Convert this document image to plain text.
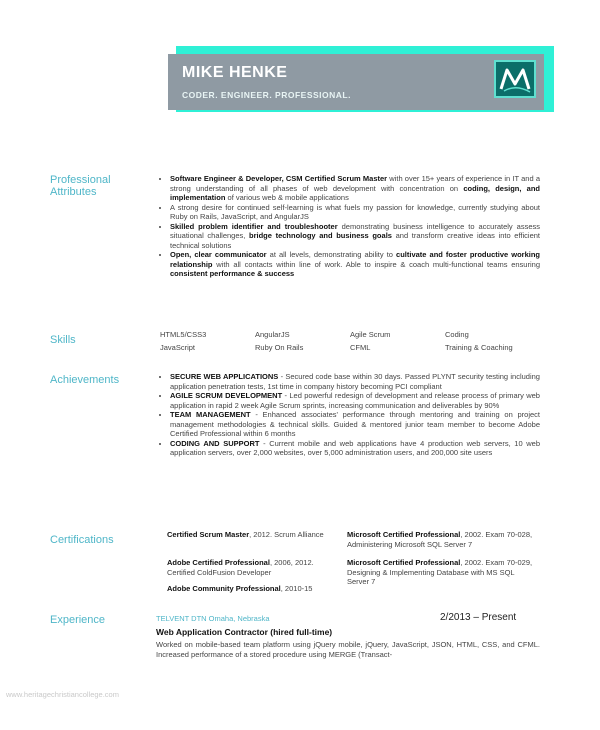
MIKE HENKE
CODER. ENGINEER. PROFESSIONAL.
Professional
Attributes
• Software Engineer & Developer, CSM Certified Scrum Master with over 15+ years of experience in IT and a strong understanding of all phases of web development with concentration on coding, design, and implementation of various web & mobile applications
• A strong desire for continued self-learning is what fuels my passion for knowledge, currently studying about Ruby on Rails, JavaScript, and AngularJS
• Skilled problem identifier and troubleshooter demonstrating business intelligence to accurately assess situational challenges, bridge technology and business goals and transform creative ideas into efficient technical solutions
• Open, clear communicator at all levels, demonstrating ability to cultivate and foster productive working relationship with all contacts within line of work. Able to inspire & coach multi-functional teams ensuring consistent performance & success
Skills	HTML5/CSS3	AngularJS	Agile Scrum	Coding
JavaScript	Ruby On Rails	CFML	Training & Coaching
Achievements
•	SECURE WEB APPLICATIONS - Secured code base within 30 days. Passed PLYNT security testing including application penetration tests, 1st time in company history becoming PCI compliant
• AGILE SCRUM DEVELOPMENT - Led powerful redesign of development and release process of primary web application in rapid 2 week Agile Scrum sprints, increasing communication and deliverables by 90%
• TEAM MANAGEMENT - Enhanced associates' performance through mentoring and training on project management methodologies & technical skills. Guided & mentored junior team member to become Adobe Certified Professional within 6 months
• CODING AND SUPPORT - Current mobile and web applications have 4 production web servers, 10 web application servers, over 2,000 websites, over 5,000 administration users, and 200,000 site users
Certifications	Certified Scrum Master, 2012. Scrum Alliance
Adobe Certified Professional, 2006, 2012. Certified ColdFusion Developer
Adobe Community Professional, 2010-15
Microsoft Certified Professional, 2002. Exam 70-028, Administering Microsoft SQL Server 7
Microsoft Certified Professional, 2002. Exam 70-029, Designing & Implementing Database with MS SQL Server 7
Experience	TELVENT DTN Omaha, Nebraska	2/2013 – Present
Web Application Contractor (hired full-time)
Worked on mobile-based team platform using jQuery mobile, jQuery, JavaScript, JSON, HTML, CSS, and CFML. Increased performance of a stored procedure using MERGE (Transact-
www.heritagechristiancollege.com
